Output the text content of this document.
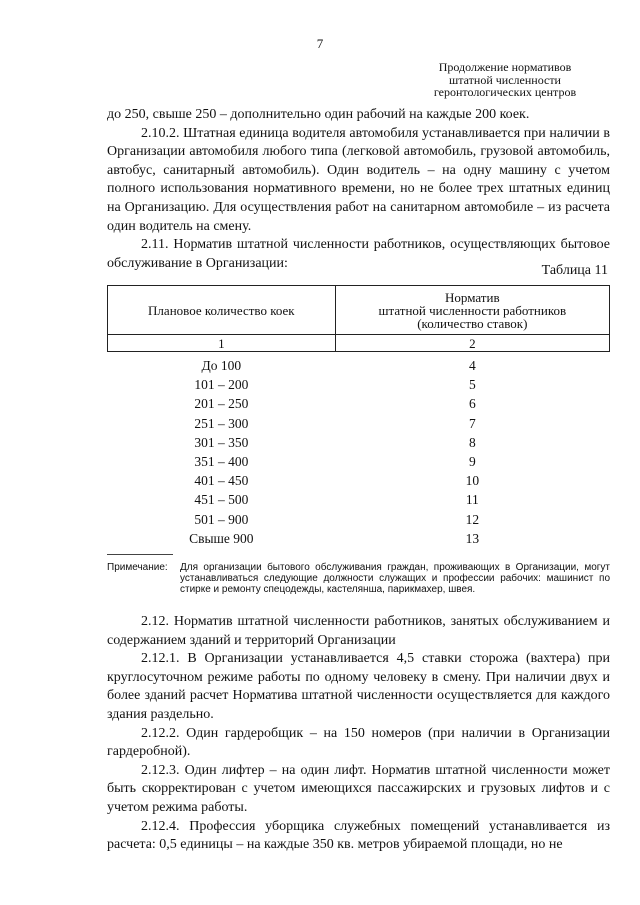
7
Продолжение нормативов
штатной численности
геронтологических центров

до 250, свыше 250 – дополнительно один рабочий на каждые 200 коек.

2.10.2. Штатная единица водителя автомобиля устанавливается при наличии в Организации автомобиля любого типа (легковой автомобиль, грузовой автомобиль, автобус, санитарный автомобиль). Один водитель – на одну машину с учетом полного использования нормативного времени, но не более трех штатных единиц на Организацию. Для осуществления работ на санитарном автомобиле – из расчета один водитель на смену.

2.11. Норматив штатной численности работников, осуществляющих бытовое обслуживание в Организации:	Таблица 11
Плановое количество коек	Норматив
штатной численности работников
(количество ставок)

1	2
До 100	4
101 – 200	5
201 – 250	6
251 – 300	7
301 – 350	8
351 – 400	9
401 – 450	10
451 – 500	11
501 – 900	12
Свыше 900	13
Примечание: Для организации бытового обслуживания граждан, проживающих в Организации, могут устанавливаться следующие должности служащих и профессии рабочих: машинист по стирке и ремонту спецодежды, кастелянша, парикмахер, швея.

2.12. Норматив штатной численности работников, занятых обслуживанием и содержанием зданий и территорий Организации

2.12.1. В Организации устанавливается 4,5 ставки сторожа (вахтера) при круглосуточном режиме работы по одному человеку в смену. При наличии двух и более зданий расчет Норматива штатной численности осуществляется для каждого здания раздельно.

2.12.2. Один гардеробщик – на 150 номеров (при наличии в Организации гардеробной).

2.12.3. Один лифтер – на один лифт. Норматив штатной численности может быть скорректирован с учетом имеющихся пассажирских и грузовых лифтов и с учетом режима работы.

2.12.4. Профессия уборщика служебных помещений устанавливается из расчета: 0,5 единицы – на каждые 350 кв. метров убираемой площади, но не
